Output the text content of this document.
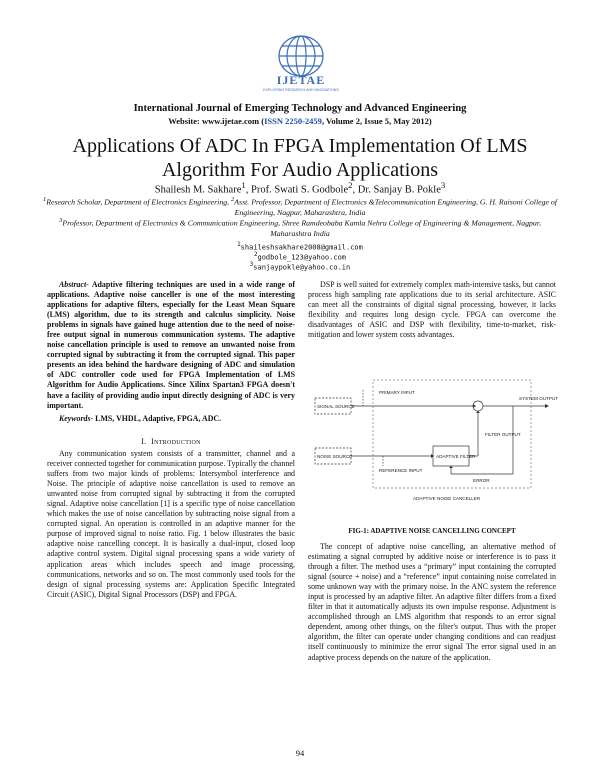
IJETAE
EXPLORING RESEARCH AND INNOVATIONS
International Journal of Emerging Technology and Advanced Engineering
Website: www.ijetae.com (ISSN 2250-2459, Volume 2, Issue 5, May 2012)
Applications Of ADC In FPGA Implementation Of LMS Algorithm For Audio Applications
Shailesh M. Sakhare$^1$, Prof. Swati S. Godbole$^2$, Dr. Sanjay B. Pokle$^3$
$^1$Research Scholar, Department of Electronics Engineering, $^2$Asst. Professor, Department of Electronics &Telecommunication Engineering, G. H. Raisoni College of Engineering, Nagpur, Maharashtra, India
$^3$Professor, Department of Electronics & Communication Engineering, Shree Ramdeobaba Kamla Nehru College of Engineering & Management, Nagpur, Maharashtra India
$^1$shaileshsakhare2008@gmail.com
$^2$godbole_123@yahoo.com
$^3$sanjaypokle@yahoo.co.in
Abstract- Adaptive filtering techniques are used in a wide range of applications. Adaptive noise canceller is one of the most interesting applications for adaptive filters, especially for the Least Mean Square (LMS) algorithm, due to its strength and calculus simplicity. Noise problems in signals have gained huge attention due to the need of noise-free output signal in numerous communication systems. The adaptive noise cancellation principle is used to remove an unwanted noise from corrupted signal by subtracting it from the corrupted signal. This paper presents an idea behind the hardware designing of ADC and simulation of ADC controller code used for FPGA Implementation of LMS Algorithm for Audio Applications. Since Xilinx Spartan3 FPGA doesn't have a facility of providing audio input directly designing of ADC is very important.
Keywords- LMS, VHDL, Adaptive, FPGA, ADC.
I. Introduction
Any communication system consists of a transmitter, channel and a receiver connected together for communication purpose. Typically the channel suffers from two major kinds of problems: Intersymbol interference and Noise. The principle of adaptive noise cancellation is used to remove an unwanted noise from corrupted signal by subtracting it from the corrupted signal. Adaptive noise cancellation [1] is a specific type of noise cancellation which makes the use of noise cancellation by subtracting noise signal from a corrupted signal. An operation is controlled in an adaptive manner for the purpose of improved signal to noise ratio. Fig. 1 below illustrates the basic adaptive noise cancelling concept. It is basically a dual-input, closed loop adaptive control system. Digital signal processing spans a wide variety of application areas which includes speech and image processing, communications, networks and so on. The most commonly used tools for the design of signal processing systems are: Application Specific Integrated Circuit (ASIC), Digital Signal Processors (DSP) and FPGA.
DSP is well suited for extremely complex math-intensive tasks, but cannot process high sampling rate applications due to its serial architecture. ASIC can meet all the constraints of digital signal processing, however, it lacks flexibility and requires long design cycle. FPGA can overcome the disadvantages of ASIC and DSP with flexibility, time-to-market, risk-mitigation and lower system costs advantages.
SIGNAL SOURCE
PRIMARY INPUT
SYSTEM OUTPUT
NOISE SOURCE
REFERENCE INPUT
ADAPTIVE FILTER
FILTER OUTPUT
ERROR
ADAPTIVE NOISE CANCELLER
FIG-1: ADAPTIVE NOISE CANCELLING CONCEPT
The concept of adaptive noise cancelling, an alternative method of estimating a signal corrupted by additive noise or interference is to pass it through a filter. The method uses a “primary” input containing the corrupted signal (source + noise) and a “reference” input containing noise correlated in some unknown way with the primary noise. In the ANC system the reference input is processed by an adaptive filter. An adaptive filter differs from a fixed filter in that it automatically adjusts its own impulse response. Adjustment is accomplished through an LMS algorithm that responds to an error signal dependent, among other things, on the filter's output. Thus with the proper algorithm, the filter can operate under changing conditions and can readjust itself continuously to minimize the error signal The error signal used in an adaptive process depends on the nature of the application.
94
